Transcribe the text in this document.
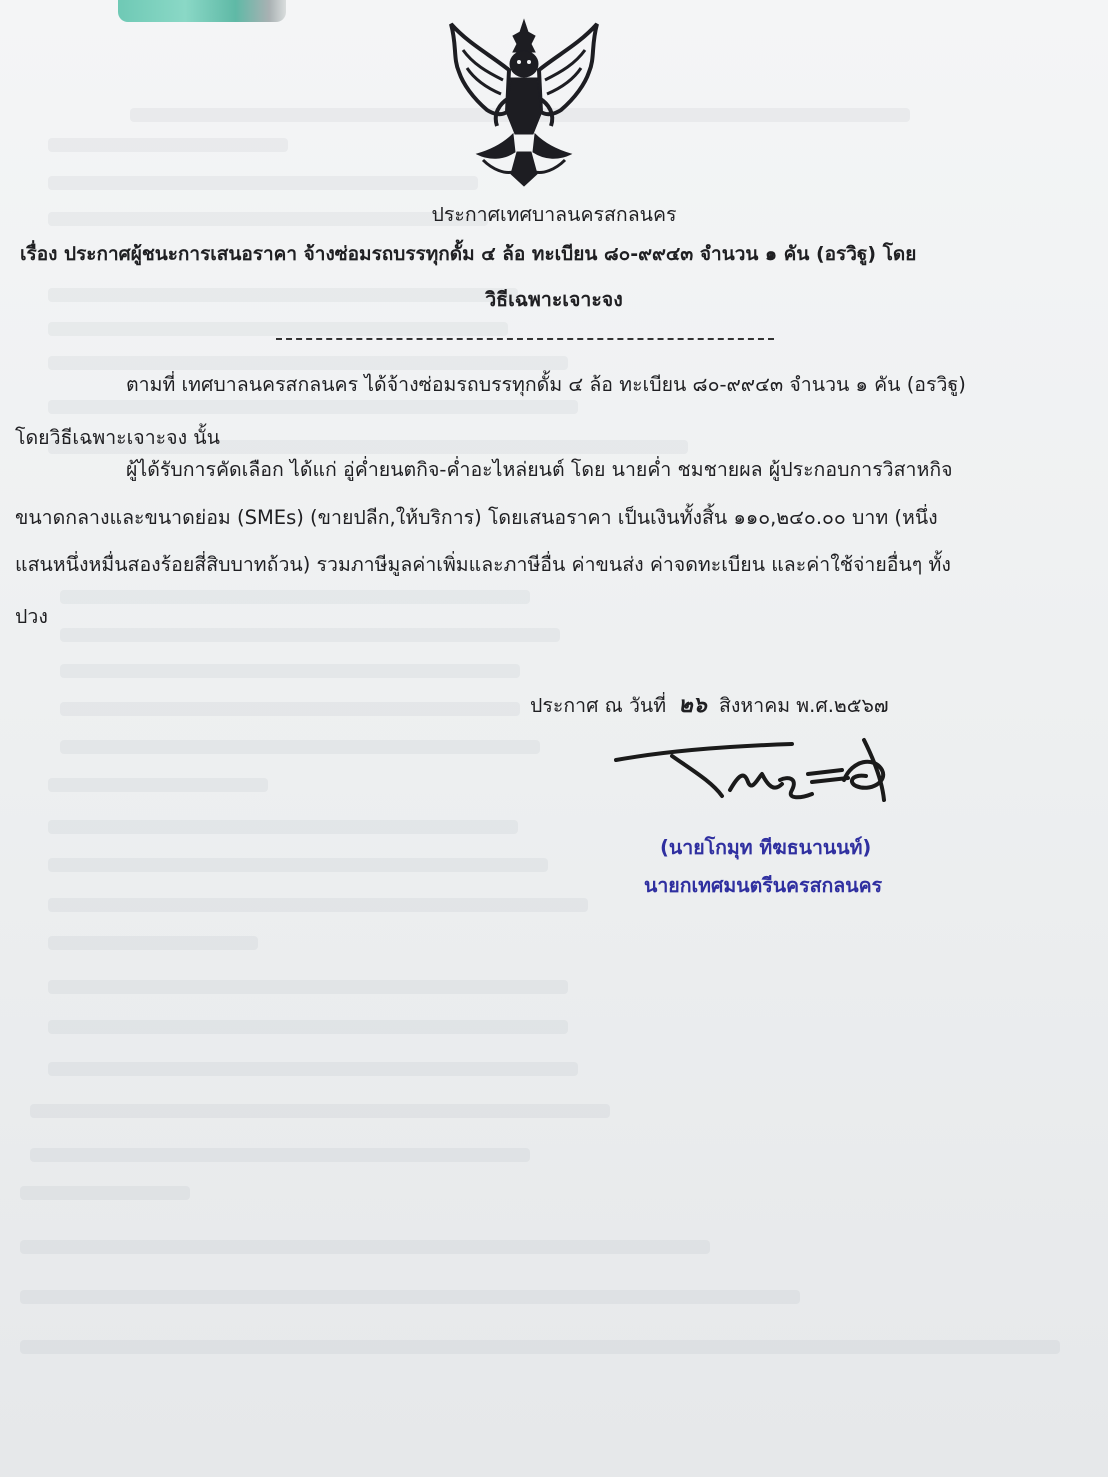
ประกาศเทศบาลนครสกลนคร
เรื่อง ประกาศผู้ชนะการเสนอราคา จ้างซ่อมรถบรรทุกดั้ม ๔ ล้อ ทะเบียน ๘๐-๙๙๔๓ จำนวน ๑ คัน (อรวิฐู) โดย
วิธีเฉพาะเจาะจง
ตามที่ เทศบาลนครสกลนคร ได้จ้างซ่อมรถบรรทุกดั้ม ๔ ล้อ ทะเบียน ๘๐-๙๙๔๓ จำนวน ๑ คัน (อรวิฐู)
โดยวิธีเฉพาะเจาะจง นั้น
ผู้ได้รับการคัดเลือก ได้แก่ อู่ค่ำยนตกิจ-ค่ำอะไหล่ยนต์ โดย นายค่ำ ชมชายผล ผู้ประกอบการวิสาหกิจ
ขนาดกลางและขนาดย่อม (SMEs) (ขายปลีก,ให้บริการ) โดยเสนอราคา เป็นเงินทั้งสิ้น ๑๑๐,๒๔๐.๐๐ บาท (หนึ่ง
แสนหนึ่งหมื่นสองร้อยสี่สิบบาทถ้วน) รวมภาษีมูลค่าเพิ่มและภาษีอื่น ค่าขนส่ง ค่าจดทะเบียน และค่าใช้จ่ายอื่นๆ ทั้ง
ปวง
ประกาศ ณ วันที่ ๒๖ สิงหาคม พ.ศ.๒๕๖๗
(นายโกมุท ทีฆธนานนท์)
นายกเทศมนตรีนครสกลนคร
